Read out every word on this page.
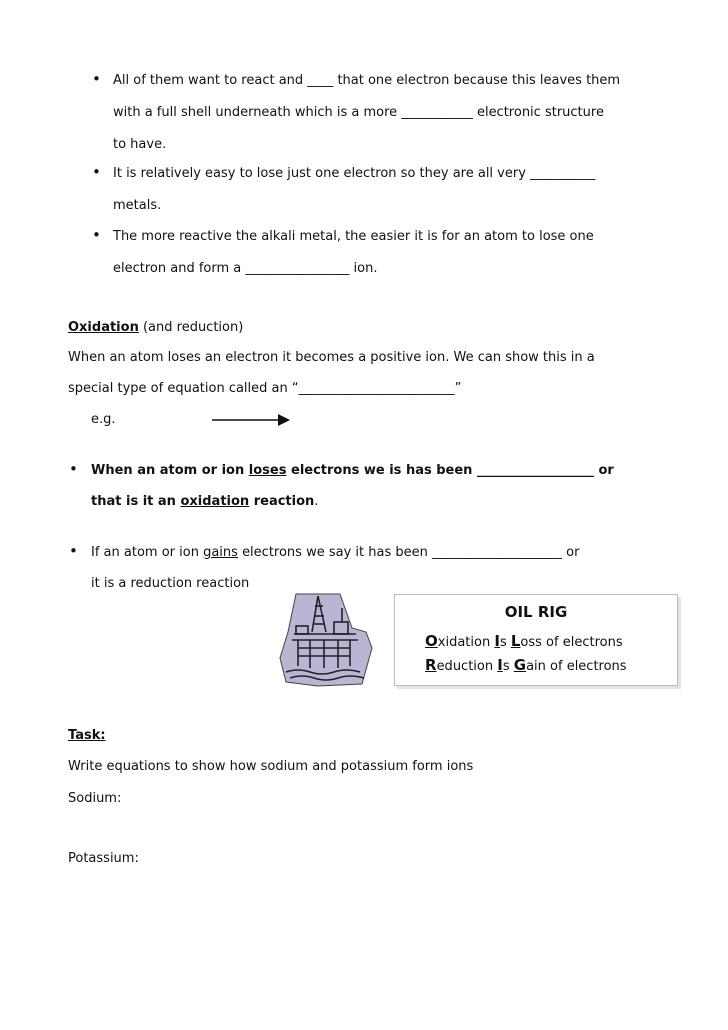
• All of them want to react and ____ that one electron because this leaves them
with a full shell underneath which is a more ___________ electronic structure
to have.
• It is relatively easy to lose just one electron so they are all very __________
metals.
• The more reactive the alkali metal, the easier it is for an atom to lose one
electron and form a ________________ ion.
Oxidation (and reduction)
When an atom loses an electron it becomes a positive ion. We can show this in a
special type of equation called an “________________________”
e.g.
• When an atom or ion loses electrons we is has been __________________ or
that is it an oxidation reaction.
• If an atom or ion gains electrons we say it has been ____________________ or
it is a reduction reaction
OIL RIG
Oxidation Is Loss of electrons
Reduction Is Gain of electrons
Task:
Write equations to show how sodium and potassium form ions
Sodium:
Potassium:
